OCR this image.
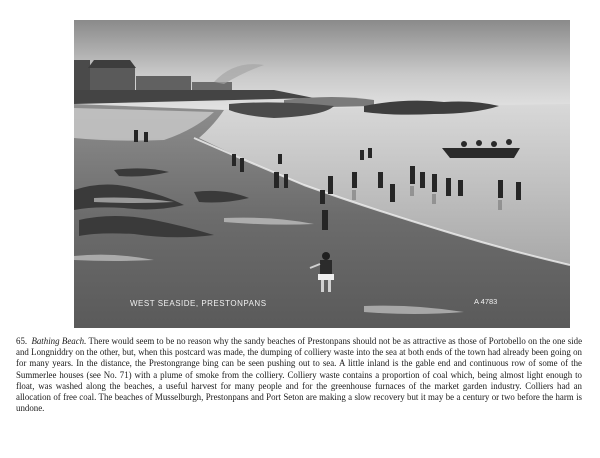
WEST SEASIDE, PRESTONPANS	A 4783

65. Bathing Beach. There would seem to be no reason why the sandy beaches of Prestonpans should not be as attractive as those of Portobello on the one side and Longniddry on the other, but, when this postcard was made, the dumping of colliery waste into the sea at both ends of the town had already been going on for many years. In the distance, the Prestongrange bing can be seen pushing out to sea. A little inland is the gable end and continuous row of some of the Summerlee houses (see No. 71) with a plume of smoke from the colliery. Colliery waste contains a proportion of coal which, being almost light enough to float, was washed along the beaches, a useful harvest for many people and for the greenhouse furnaces of the market garden industry. Colliers had an allocation of free coal. The beaches of Musselburgh, Prestonpans and Port Seton are making a slow recovery but it may be a century or two before the harm is undone.
